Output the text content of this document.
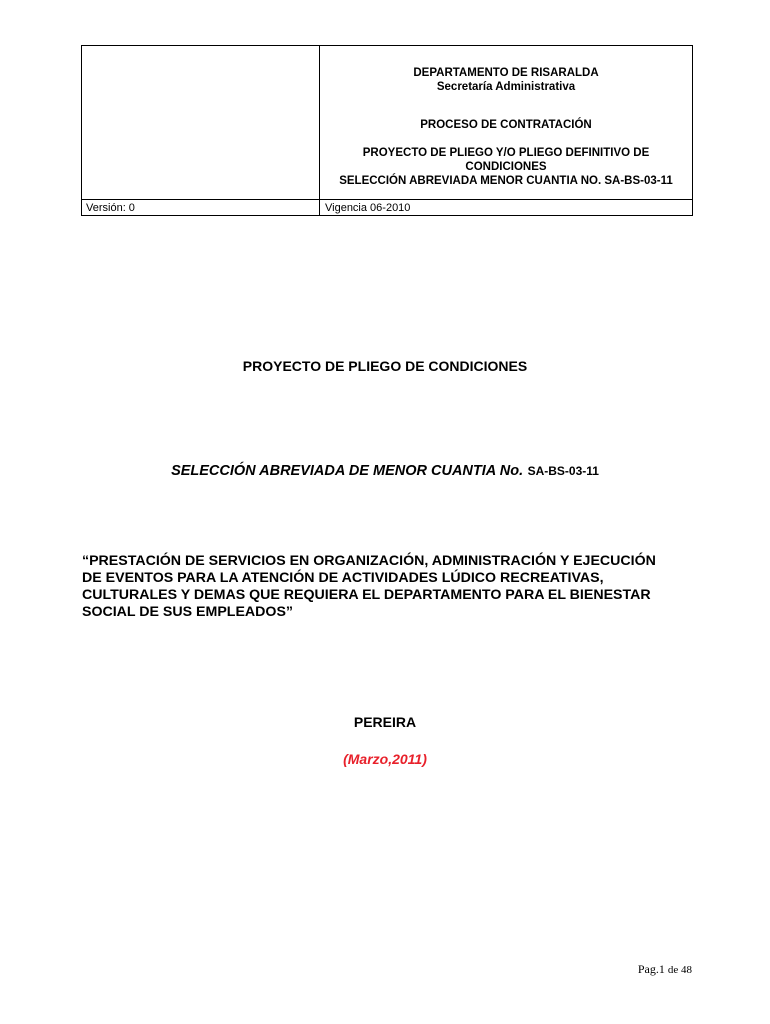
DEPARTAMENTO DE RISARALDA
Secretaría Administrativa
PROCESO DE CONTRATACIÓN
PROYECTO DE PLIEGO Y/O PLIEGO DEFINITIVO DE
CONDICIONES
SELECCIÓN ABREVIADA MENOR CUANTIA NO. SA-BS-03-11
Versión: 0	Vigencia 06-2010
PROYECTO DE PLIEGO DE CONDICIONES
SELECCIÓN ABREVIADA DE MENOR CUANTIA No. SA-BS-03-11
“PRESTACIÓN DE SERVICIOS EN ORGANIZACIÓN, ADMINISTRACIÓN Y EJECUCIÓN
DE EVENTOS PARA LA ATENCIÓN DE ACTIVIDADES LÚDICO RECREATIVAS,
CULTURALES Y DEMAS QUE REQUIERA EL DEPARTAMENTO PARA EL BIENESTAR
SOCIAL DE SUS EMPLEADOS”
PEREIRA
(Marzo,2011)
Pag.1 de 48
